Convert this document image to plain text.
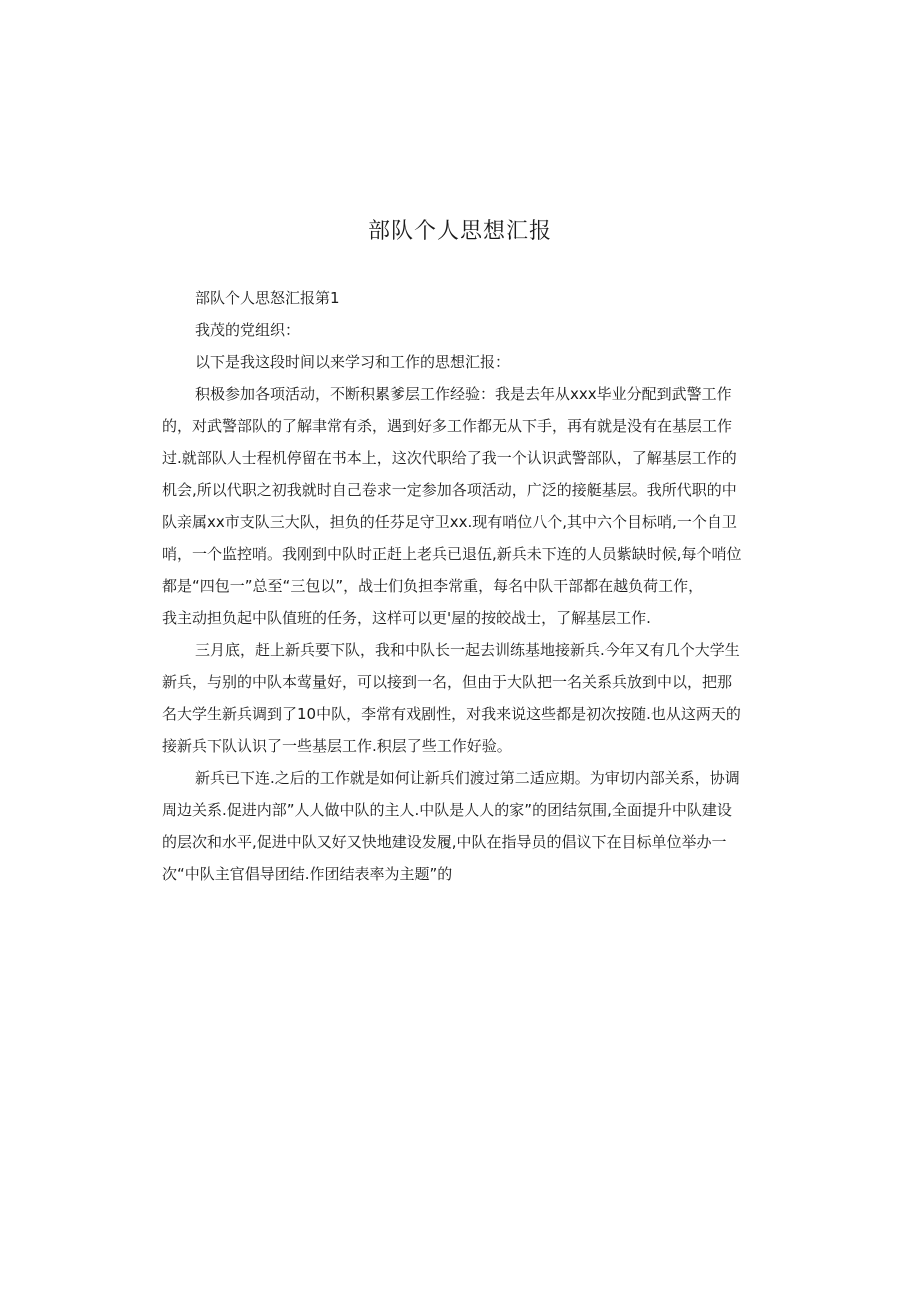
部队个人思想汇报
部队个人思怒汇报第1
我茂的党组织：
以下是我这段时间以来学习和工作的思想汇报：
积极参加各项活动，不断积累爹层工作经验：我是去年从xxx毕业分配到武警工作
的，对武警部队的了解聿常有杀，遇到好多工作都无从下手，再有就是没有在基层工作
过.就部队人士程机停留在书本上，这次代职给了我一个认识武警部队，了解基层工作的
机会,所以代职之初我就时自己卷求一定参加各项活动，广泛的接艇基层。我所代职的中
队亲属xx市支队三大队，担负的任芬足守卫xx.现有哨位八个,其中六个目标哨,一个自卫
哨，一个监控哨。我刚到中队时正赶上老兵已退伍,新兵未下连的人员紫缺时候,每个哨位
都是“四包一”总至“三包以”，战士们负担李常重，每名中队干部都在越负荷工作，
我主动担负起中队值班的任务，这样可以更'屋的按皎战士，了解基层工作.
三月底，赶上新兵要下队，我和中队长一起去训练基地接新兵.今年又有几个大学生
新兵，与别的中队本莺量好，可以接到一名，但由于大队把一名关系兵放到中以，把那
名大学生新兵调到了10中队，李常有戏剧性，对我来说这些都是初次按随.也从这两天的
接新兵下队认识了一些基层工作.积层了些工作好验。
新兵已下连.之后的工作就是如何让新兵们渡过第二适应期。为审切内部关系，协调
周边关系.促进内部”人人做中队的主人.中队是人人的家”的团结氛围,全面提升中队建设
的层次和水平,促进中队又好又快地建设发履,中队在指导员的倡议下在目标单位举办一
次“中队主官倡导团结.作团结表率为主题”的
